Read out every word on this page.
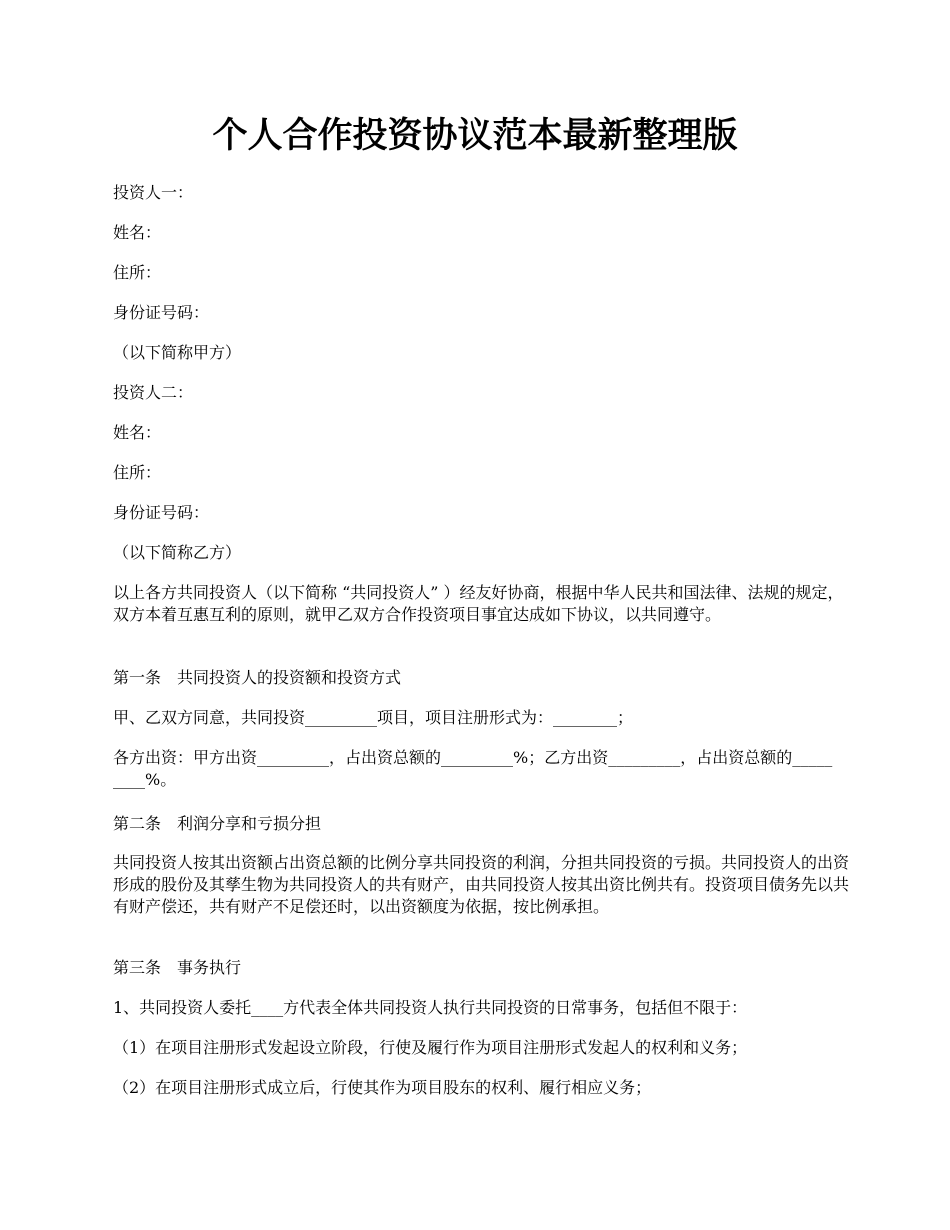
个人合作投资协议范本最新整理版
投资人一：
姓名：
住所：
身份证号码：
（以下简称甲方）
投资人二：
姓名：
住所：
身份证号码：
（以下简称乙方）
以上各方共同投资人（以下简称 “共同投资人” ）经友好协商，根据中华人民共和国法律、法规的规定，双方本着互惠互利的原则，就甲乙双方合作投资项目事宜达成如下协议，以共同遵守。
第一条　共同投资人的投资额和投资方式
甲、乙双方同意，共同投资_________项目，项目注册形式为：________；
各方出资：甲方出资_________，占出资总额的_________%；乙方出资_________，占出资总额的_________%。
第二条　利润分享和亏损分担
共同投资人按其出资额占出资总额的比例分享共同投资的利润，分担共同投资的亏损。共同投资人的出资形成的股份及其孳生物为共同投资人的共有财产，由共同投资人按其出资比例共有。投资项目债务先以共有财产偿还，共有财产不足偿还时，以出资额度为依据，按比例承担。
第三条　事务执行
1、共同投资人委托____方代表全体共同投资人执行共同投资的日常事务，包括但不限于：
（1）在项目注册形式发起设立阶段，行使及履行作为项目注册形式发起人的权利和义务；
（2）在项目注册形式成立后，行使其作为项目股东的权利、履行相应义务；
